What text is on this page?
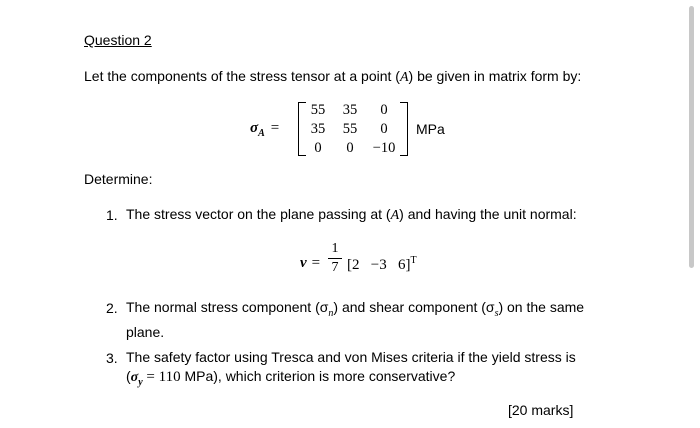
Question 2
Let the components of the stress tensor at a point (A) be given in matrix form by:
$\sigma_A$ =
55	35	0
35	55	0
0	0	−10
MPa
Determine:
1. The stress vector on the plane passing at (A) and having the unit normal:
ν =
1
7 [2   −3   6]$^T$
2. The normal stress component $(\sigma_n)$ and shear component $(\sigma_s)$ on the same
plane.
3. The safety factor using Tresca and von Mises criteria if the yield stress is
($\sigma_y = 110$ MPa), which criterion is more conservative?
[20 marks]
